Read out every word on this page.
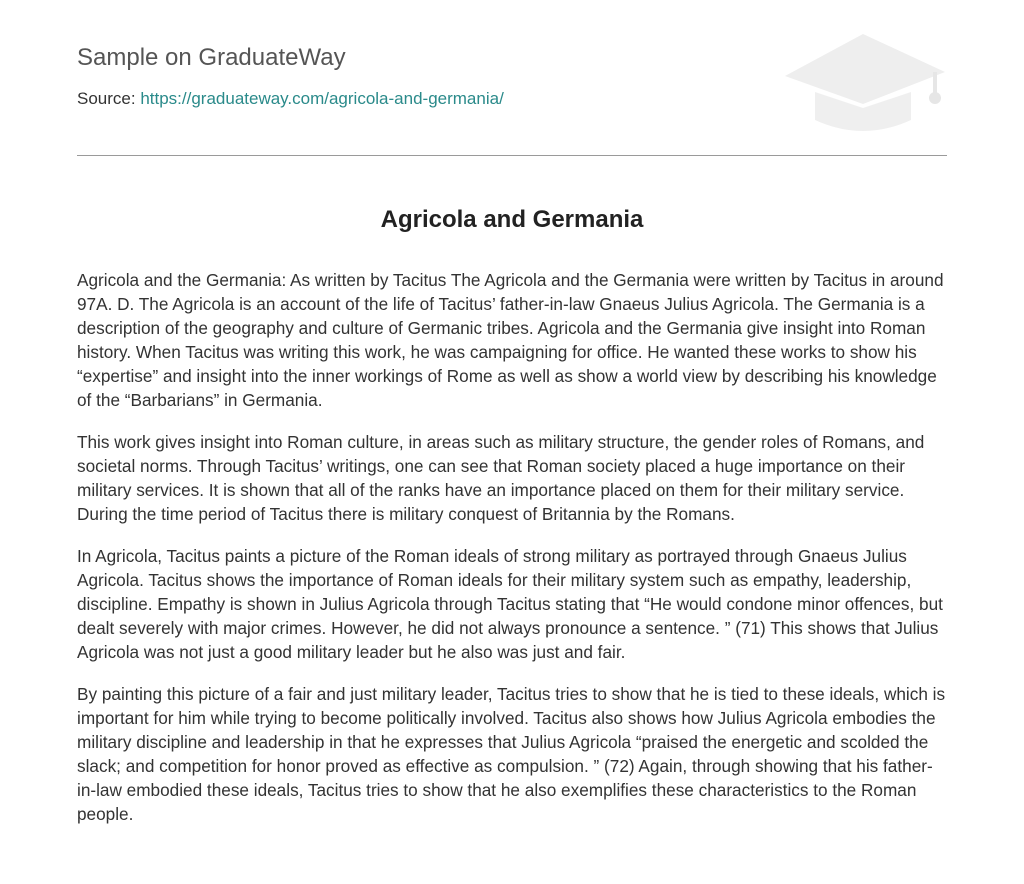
Sample on GraduateWay
Source: https://graduateway.com/agricola-and-germania/
Agricola and Germania

Agricola and the Germania: As written by Tacitus The Agricola and the Germania were written by Tacitus in around 97A. D. The Agricola is an account of the life of Tacitus’ father-in-law Gnaeus Julius Agricola. The Germania is a description of the geography and culture of Germanic tribes. Agricola and the Germania give insight into Roman history. When Tacitus was writing this work, he was campaigning for office. He wanted these works to show his “expertise” and insight into the inner workings of Rome as well as show a world view by describing his knowledge of the “Barbarians” in Germania.

This work gives insight into Roman culture, in areas such as military structure, the gender roles of Romans, and societal norms. Through Tacitus’ writings, one can see that Roman society placed a huge importance on their military services. It is shown that all of the ranks have an importance placed on them for their military service. During the time period of Tacitus there is military conquest of Britannia by the Romans.

In Agricola, Tacitus paints a picture of the Roman ideals of strong military as portrayed through Gnaeus Julius Agricola. Tacitus shows the importance of Roman ideals for their military system such as empathy, leadership, discipline. Empathy is shown in Julius Agricola through Tacitus stating that “He would condone minor offences, but dealt severely with major crimes. However, he did not always pronounce a sentence. ” (71) This shows that Julius Agricola was not just a good military leader but he also was just and fair.

By painting this picture of a fair and just military leader, Tacitus tries to show that he is tied to these ideals, which is important for him while trying to become politically involved. Tacitus also shows how Julius Agricola embodies the military discipline and leadership in that he expresses that Julius Agricola “praised the energetic and scolded the slack; and competition for honor proved as effective as compulsion. ” (72) Again, through showing that his father-in-law embodied these ideals, Tacitus tries to show that he also exemplifies these characteristics to the Roman people.
